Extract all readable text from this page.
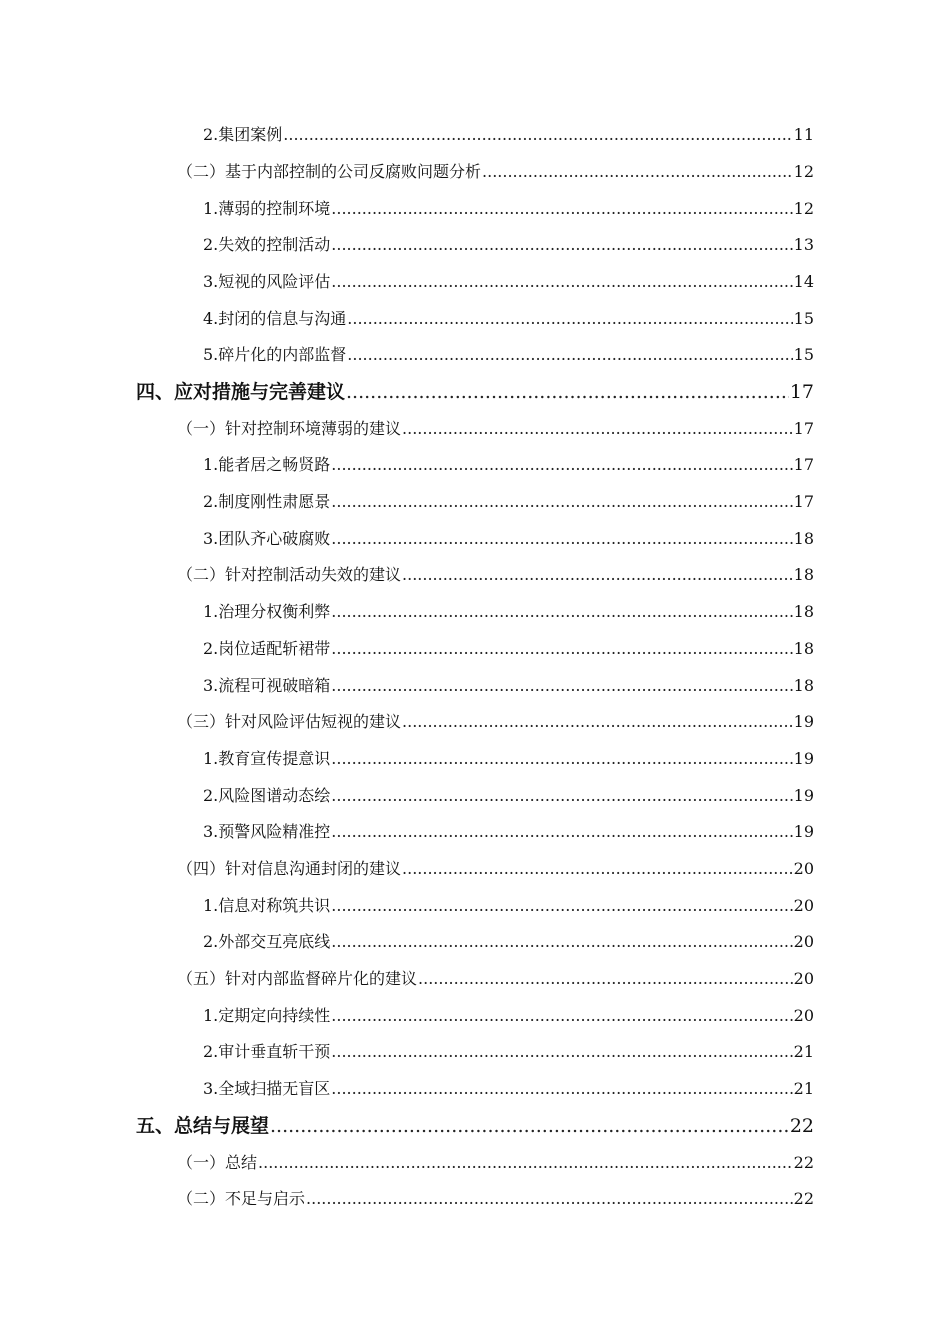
2.集团案例 .....	11
（二）基于内部控制的公司反腐败问题分析 .....	12
1.薄弱的控制环境 .....	12
2.失效的控制活动 .....	13
3.短视的风险评估 .....	14
4.封闭的信息与沟通 .....	15
5.碎片化的内部监督 .....	15
四、应对措施与完善建议 .....	17
（一）针对控制环境薄弱的建议 .....	17
1.能者居之畅贤路 .....	17
2.制度刚性肃愿景 .....	17
3.团队齐心破腐败 .....	18
（二）针对控制活动失效的建议 .....	18
1.治理分权衡利弊 .....	18
2.岗位适配斩裙带 .....	18
3.流程可视破暗箱 .....	18
（三）针对风险评估短视的建议 .....	19
1.教育宣传提意识 .....	19
2.风险图谱动态绘 .....	19
3.预警风险精准控 .....	19
（四）针对信息沟通封闭的建议 .....	20
1.信息对称筑共识 .....	20
2.外部交互亮底线 .....	20
（五）针对内部监督碎片化的建议 .....	20
1.定期定向持续性 .....	20
2.审计垂直斩干预 .....	21
3.全域扫描无盲区 .....	21
五、总结与展望 .....	22
（一）总结 .....	22
（二）不足与启示 .....	22
